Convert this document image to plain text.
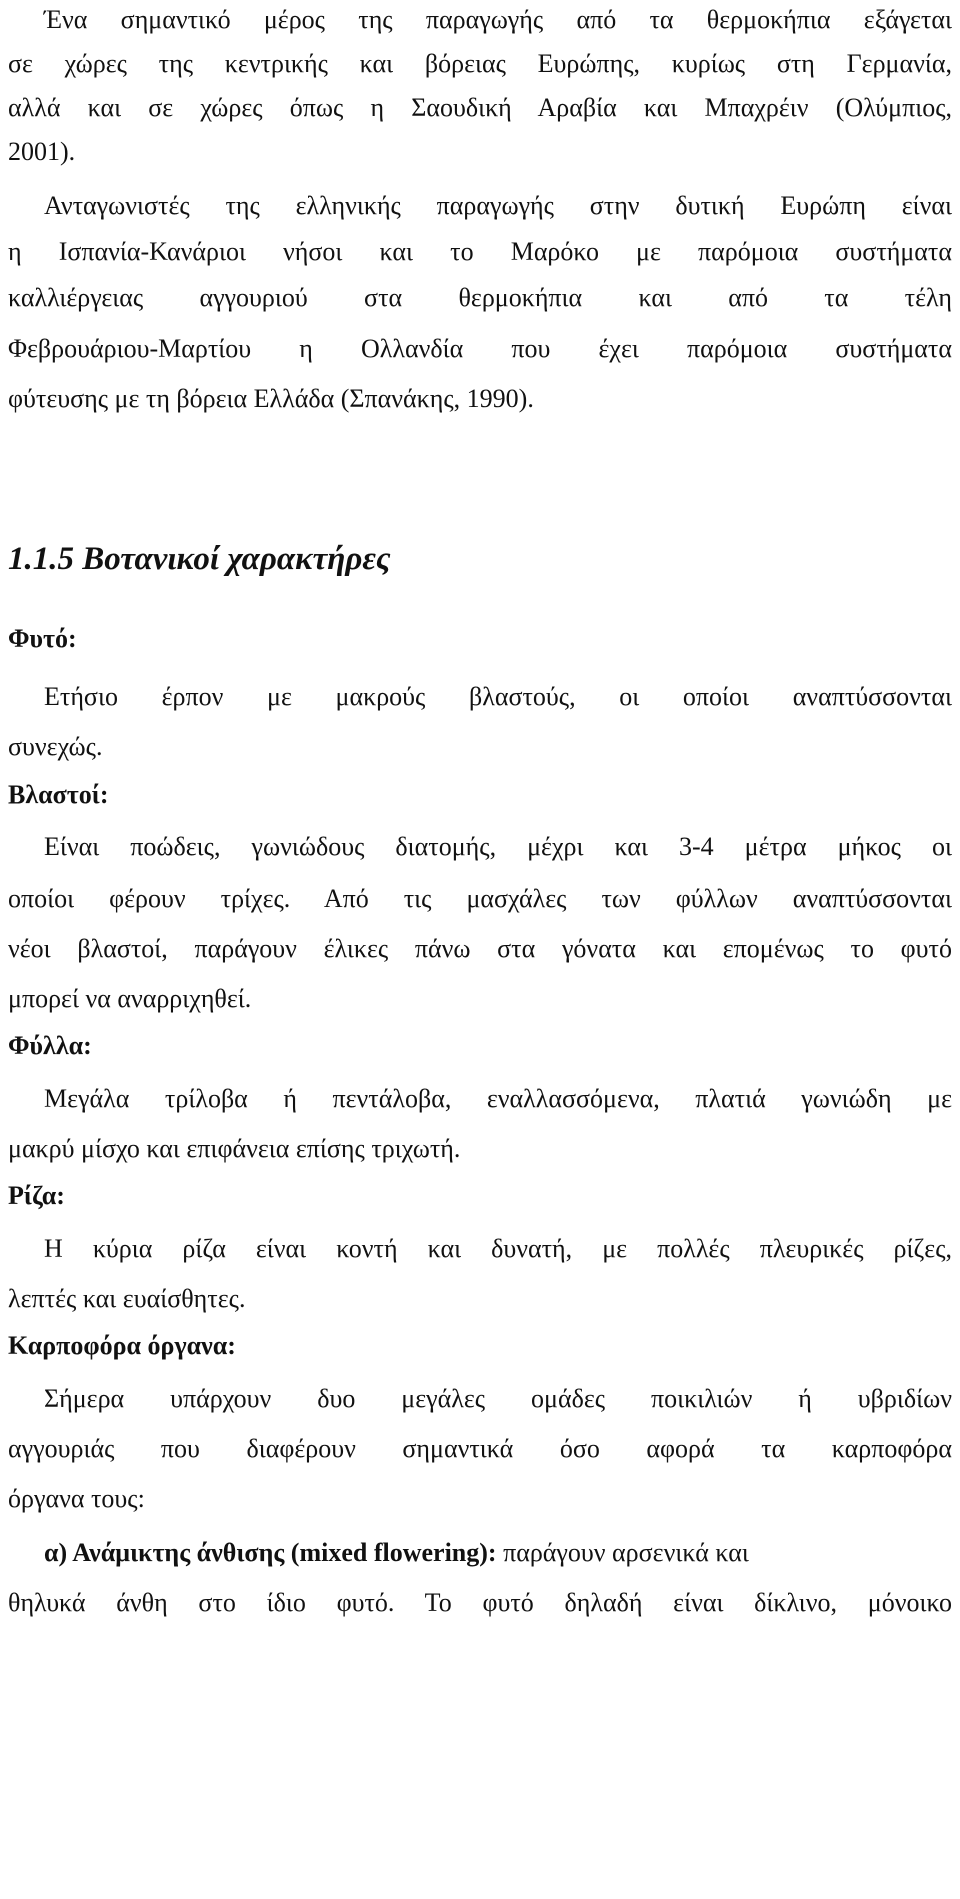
Ένα σημαντικό μέρος της παραγωγής από τα θερμοκήπια εξάγεται
σε χώρες της κεντρικής και βόρειας Ευρώπης, κυρίως στη Γερμανία,
αλλά και σε χώρες όπως η Σαουδική Αραβία και Μπαχρέιν (Ολύμπιος,
2001).
Ανταγωνιστές της ελληνικής παραγωγής στην δυτική Ευρώπη είναι
η Ισπανία-Κανάριοι νήσοι και το Μαρόκο με παρόμοια συστήματα
καλλιέργειας αγγουριού στα θερμοκήπια και από τα τέλη
Φεβρουάριου-Μαρτίου η Ολλανδία που έχει παρόμοια συστήματα
φύτευσης με τη βόρεια Ελλάδα (Σπανάκης, 1990).
1.1.5 Βοτανικοί χαρακτήρες
Φυτό:
Ετήσιο έρπον με μακρούς βλαστούς, οι οποίοι αναπτύσσονται
συνεχώς.
Βλαστοί:
Είναι ποώδεις, γωνιώδους διατομής, μέχρι και 3-4 μέτρα μήκος οι
οποίοι φέρουν τρίχες. Από τις μασχάλες των φύλλων αναπτύσσονται
νέοι βλαστοί, παράγουν έλικες πάνω στα γόνατα και επομένως το φυτό
μπορεί να αναρριχηθεί.
Φύλλα:
Μεγάλα τρίλοβα ή πεντάλοβα, εναλλασσόμενα, πλατιά γωνιώδη με
μακρύ μίσχο και επιφάνεια επίσης τριχωτή.
Ρίζα:
Η κύρια ρίζα είναι κοντή και δυνατή, με πολλές πλευρικές ρίζες,
λεπτές και ευαίσθητες.
Καρποφόρα όργανα:
Σήμερα υπάρχουν δυο μεγάλες ομάδες ποικιλιών ή υβριδίων
αγγουριάς που διαφέρουν σημαντικά όσο αφορά τα καρποφόρα
όργανα τους:
α) Ανάμικτης άνθισης (mixed flowering): παράγουν αρσενικά και
θηλυκά άνθη στο ίδιο φυτό. Το φυτό δηλαδή είναι δίκλινο, μόνοικο
